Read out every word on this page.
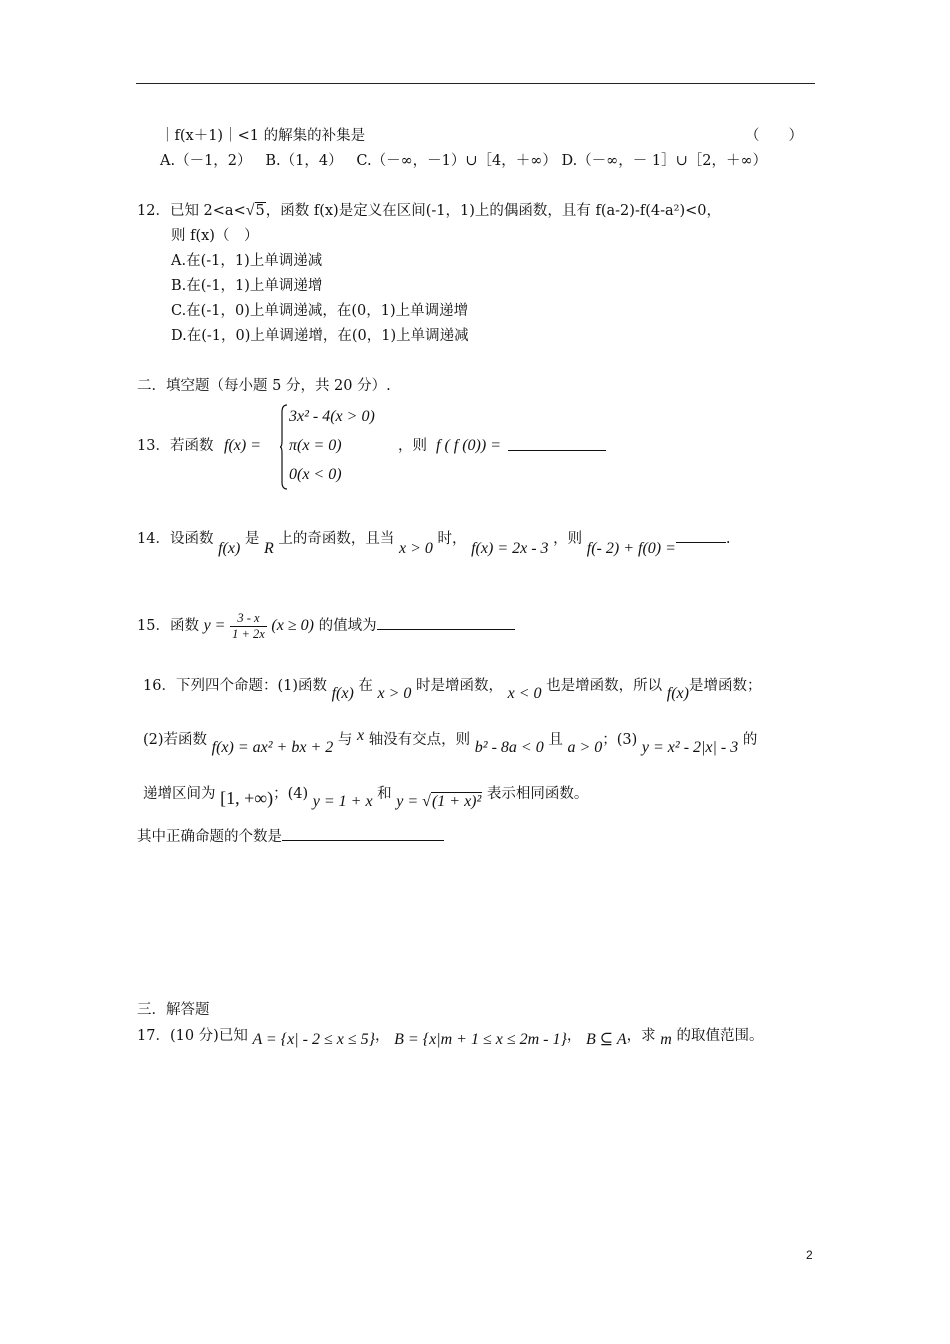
｜f(x＋1)｜<1 的解集的补集是	（　　）
A.（－1，2） B.（1，4） C.（－∞，－1）∪［4，＋∞） D.（－∞，－ 1］∪［2，＋∞）
12．已知 2<a<√5，函数 f(x)是定义在区间(-1，1)上的偶函数，且有 f(a-2)-f(4-a²)<0，
则 f(x)（　）
A.在(-1，1)上单调递减
B.在(-1，1)上单调递增
C.在(-1，0)上单调递减，在(0，1)上单调递增
D.在(-1，0)上单调递增，在(0，1)上单调递减
二．填空题（每小题 5 分，共 20 分）.
13．若函数 f(x) =
3x² - 4(x > 0)
π(x = 0)
0(x < 0)
，则 f ( f (0)) =
14．设函数 f(x) 是 R 上的奇函数，且当 x > 0 时， f(x) = 2x - 3 ，则 f(- 2) + f(0) =.
15．函数 $y = \frac{3 - x}{1 + 2x} (x \ge 0)$ 的值域为
16．下列四个命题：(1)函数 f(x) 在 x > 0 时是增函数， x < 0 也是增函数，所以 f(x)是增函数；
(2)若函数 f(x) = ax² + bx + 2 与 x 轴没有交点，则 b² - 8a < 0 且 a > 0；(3) y = x² - 2|x| - 3 的
递增区间为 [1, +∞)；(4) y = 1 + x 和 y = √(1 + x)² 表示相同函数。
其中正确命题的个数是
三．解答题
17．(10 分)已知 A = {x| - 2 ≤ x ≤ 5}， B = {x|m + 1 ≤ x ≤ 2m - 1}， B ⊆ A，求 m 的取值范围。
2
